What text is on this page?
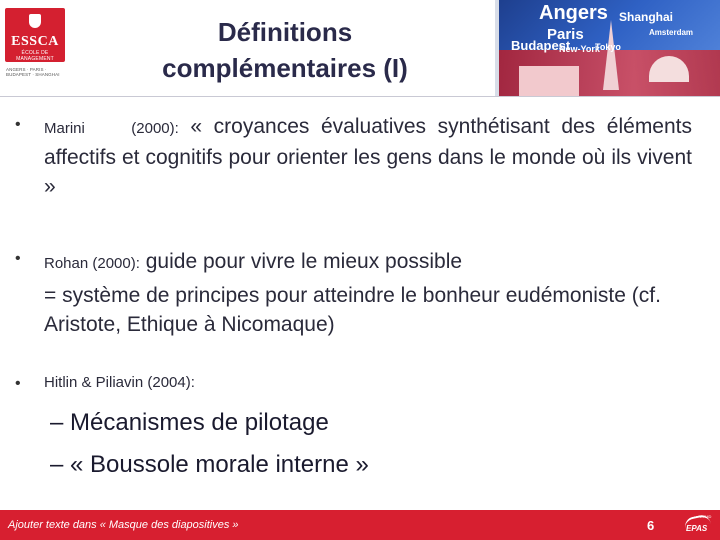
ESSCA
ÉCOLE DE MANAGEMENT
ANGERS · PARIS · BUDAPEST · SHANGHAI
Définitions
complémentaires (I)
Angers
Paris
Budapest
Shanghai
Tokyo
Amsterdam
New-York
• Marini	(2000): « croyances évaluatives synthétisant des éléments affectifs et cognitifs pour orienter les gens dans le monde où ils vivent »
• Rohan (2000): guide pour vivre le mieux possible
= système de principes pour atteindre le bonheur eudémoniste (cf. Aristote, Ethique à Nicomaque)
• Hitlin & Piliavin (2004):
– Mécanismes de pilotage
– « Boussole morale interne »
Ajouter texte dans « Masque des diapositives »	6
EFMD
EPAS
